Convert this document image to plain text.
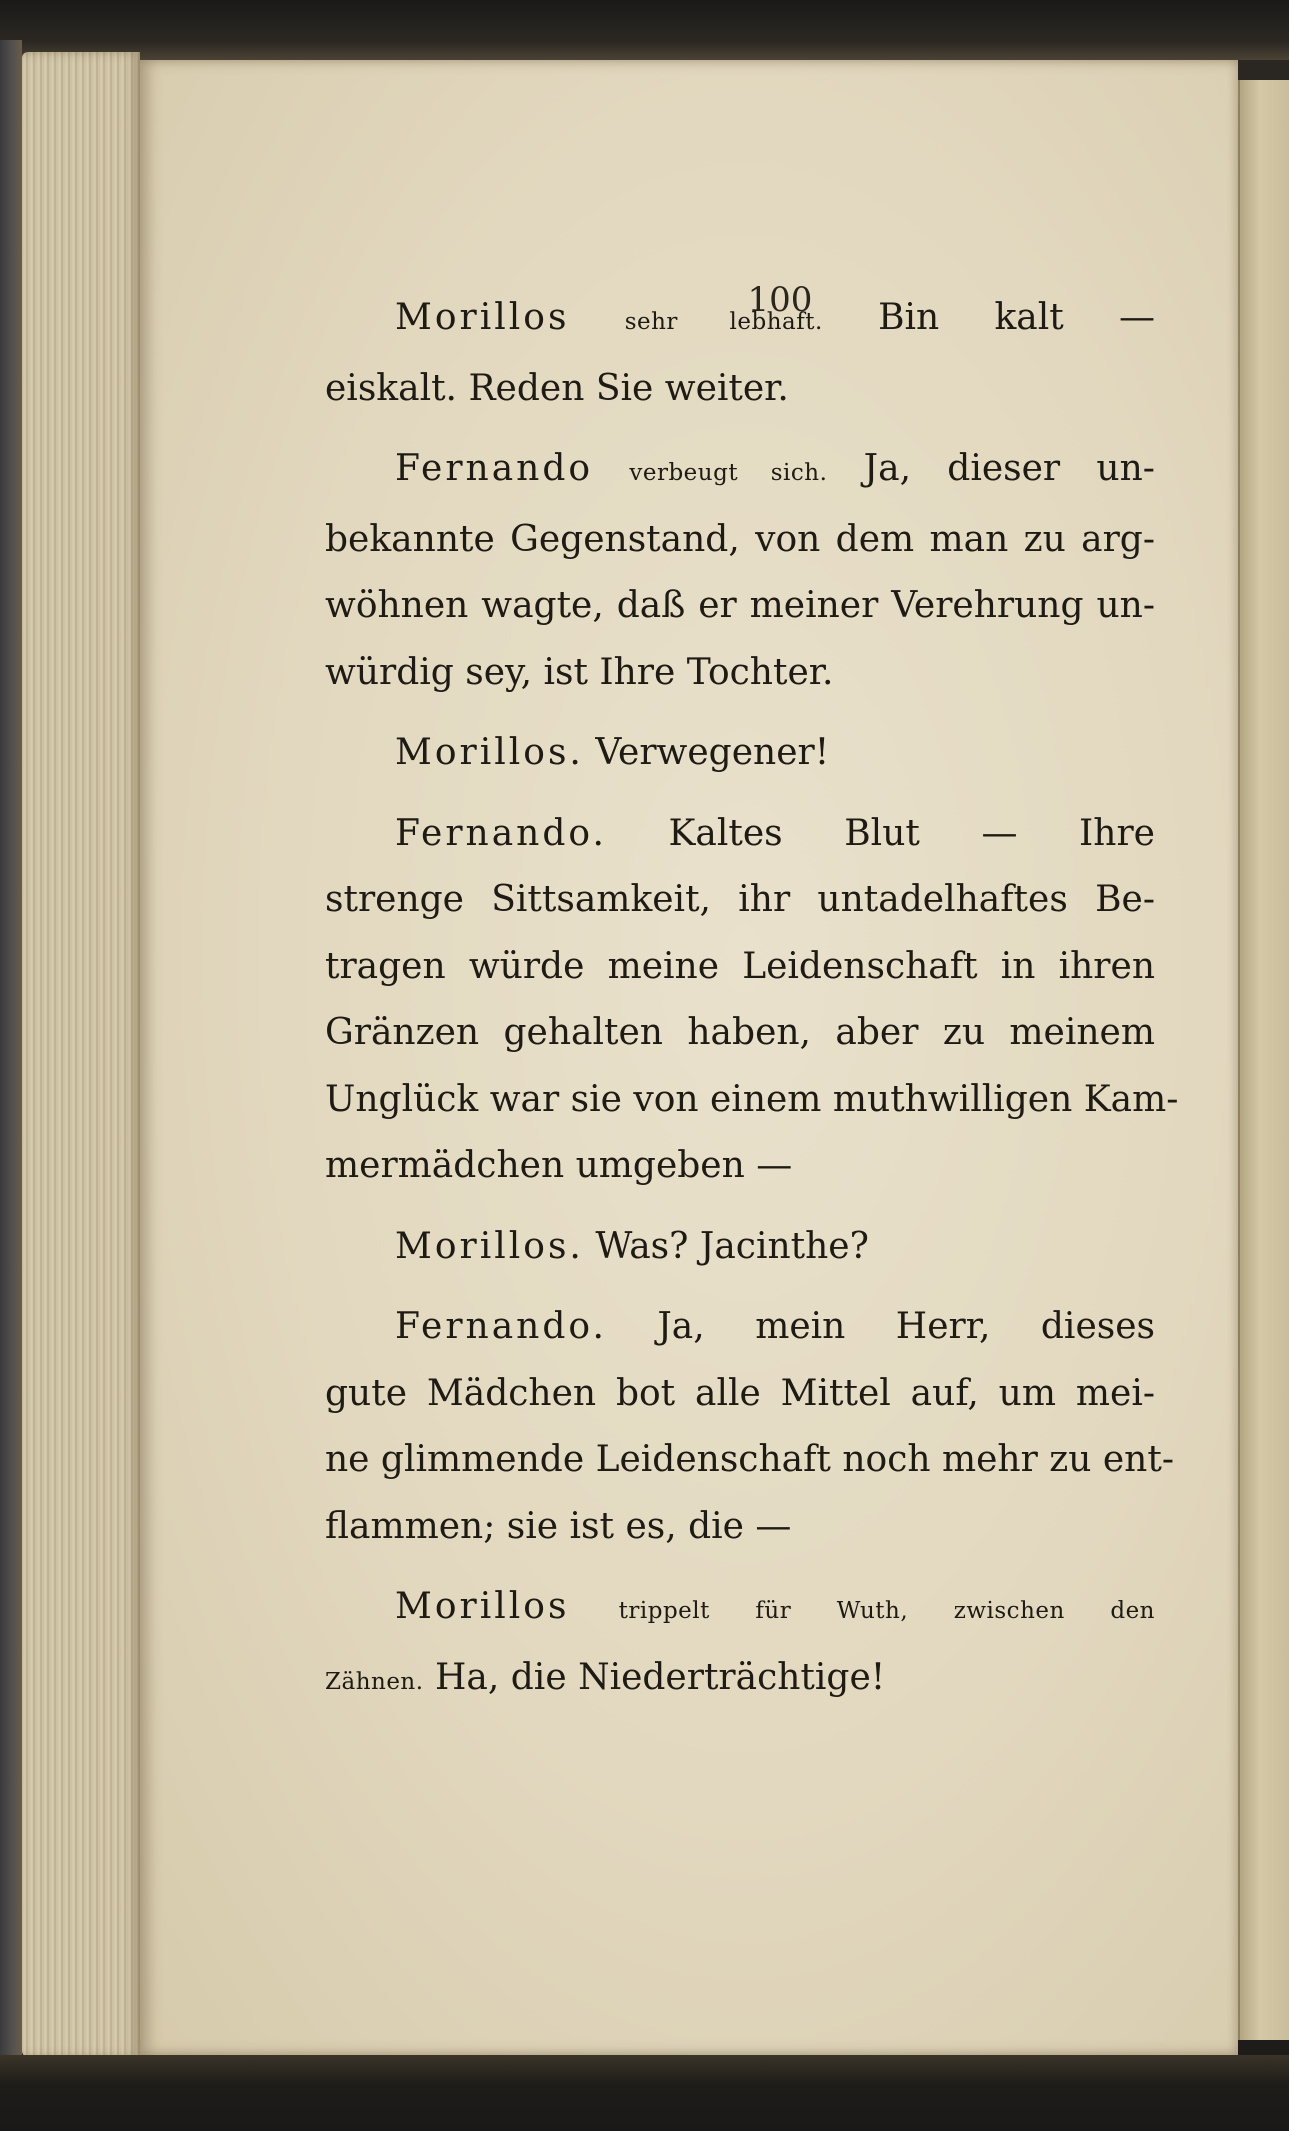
100
Morillos sehr lebhaft. Bin kalt —
eiskalt. Reden Sie weiter.
Fernando verbeugt sich. Ja, dieser un-
bekannte Gegenstand, von dem man zu arg-
wöhnen wagte, daß er meiner Verehrung un-
würdig sey, ist Ihre Tochter.
Morillos. Verwegener!
Fernando. Kaltes Blut — Ihre
strenge Sittsamkeit, ihr untadelhaftes Be-
tragen würde meine Leidenschaft in ihren
Gränzen gehalten haben, aber zu meinem
Unglück war sie von einem muthwilligen Kam-
mermädchen umgeben —
Morillos. Was? Jacinthe?
Fernando. Ja, mein Herr, dieses
gute Mädchen bot alle Mittel auf, um mei-
ne glimmende Leidenschaft noch mehr zu ent-
flammen; sie ist es, die —
Morillos trippelt für Wuth, zwischen den
Zähnen. Ha, die Niederträchtige!
